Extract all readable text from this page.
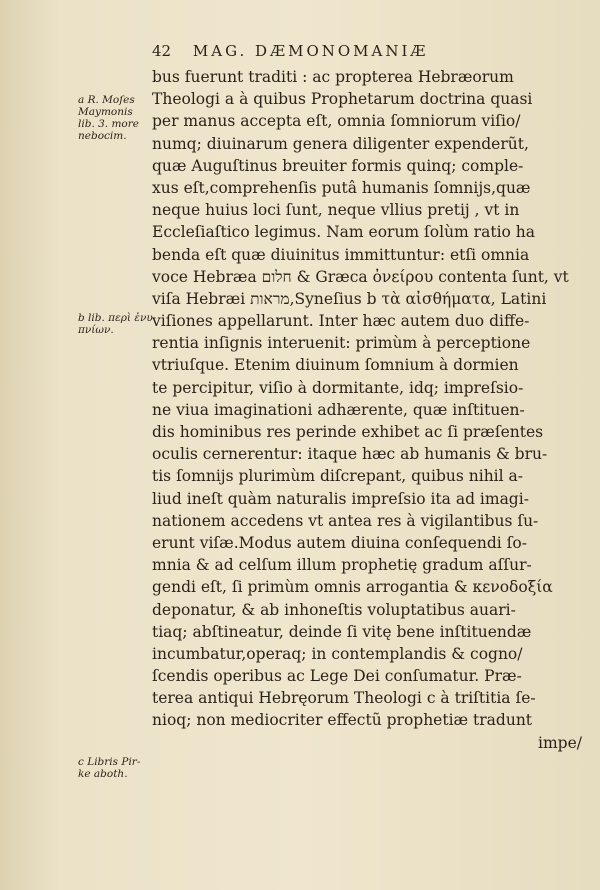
42 MAG. DÆMONOMANIÆ
bus fuerunt traditi : ac propterea Hebræorum
Theologi a à quibus Prophetarum doctrina quasi
per manus accepta eſt, omnia ſomniorum viſio/
numq; diuinarum genera diligenter expenderũt,
quæ Auguſtinus breuiter formis quinq; comple-
xus eſt,comprehenſis putâ humanis ſomnijs,quæ
neque huius loci ſunt, neque vllius pretij , vt in
Eccleſiaſtico legimus. Nam eorum ſolùm ratio ha
benda eſt quæ diuinitus immittuntur: etſi omnia
voce Hebræa חלום & Græca ὀνείρου contenta ſunt, vt
viſa Hebræi מראות,Syneſius b τὰ αἰσθήματα, Latini
viſiones appellarunt. Inter hæc autem duo diffe-
rentia inſignis interuenit: primùm à perceptione
vtriuſque. Etenim diuinum ſomnium à dormien
te percipitur, viſio à dormitante, idq; impreſsio-
ne viua imaginationi adhærente, quæ inſtituen-
dis hominibus res perinde exhibet ac ſi præſentes
oculis cernerentur: itaque hæc ab humanis & bru-
tis ſomnijs plurimùm diſcrepant, quibus nihil a-
liud ineſt quàm naturalis impreſsio ita ad imagi-
nationem accedens vt antea res à vigilantibus ſu-
erunt viſæ.Modus autem diuina conſequendi ſo-
mnia & ad celſum illum prophetię gradum aſſur-
gendi eſt, ſi primùm omnis arrogantia & κενοδοξία
deponatur, & ab inhoneſtis voluptatibus auari-
tiaq; abſtineatur, deinde ſi vitę bene inſtituendæ
incumbatur,operaq; in contemplandis & cogno/
ſcendis operibus ac Lege Dei conſumatur. Præ-
terea antiqui Hebręorum Theologi c à triſtitia ſe-
nioq; non mediocriter effectũ prophetiæ tradunt
impe/
a R. Moſes
Maymonis
lib. 3. more
nebocim.
b lib. περὶ ἐνυ
πνίων.
c Libris Pir-
ke aboth.
